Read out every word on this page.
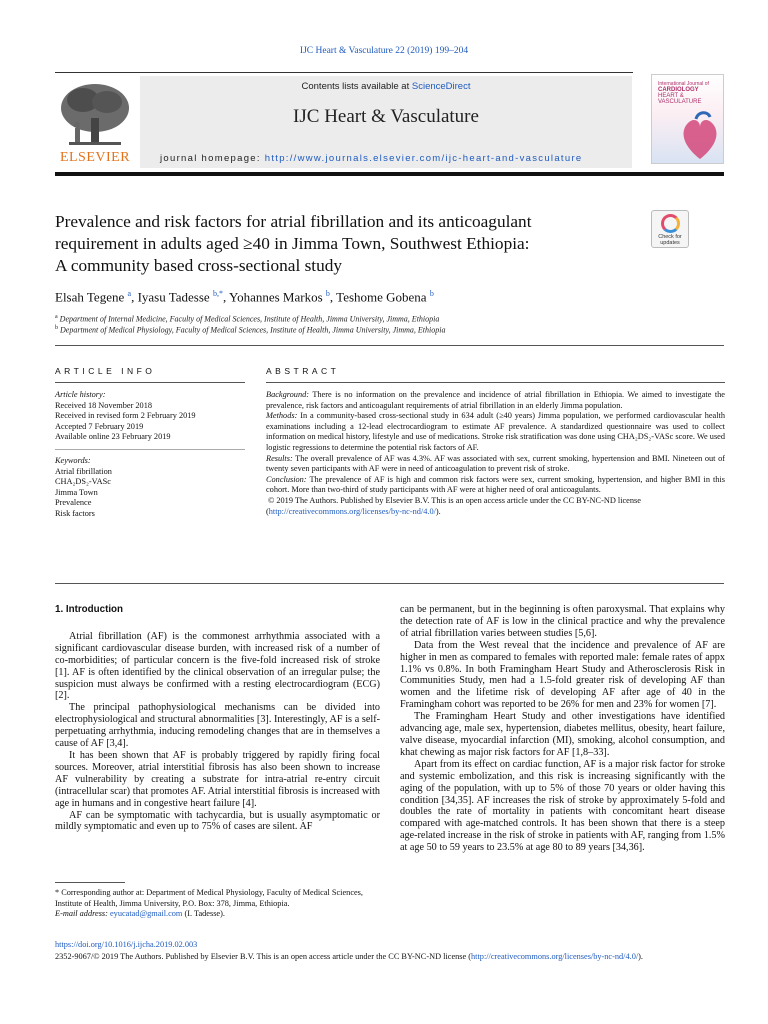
IJC Heart & Vasculature 22 (2019) 199–204
ELSEVIER
Contents lists available at ScienceDirect
IJC Heart & Vasculature
journal homepage: http://www.journals.elsevier.com/ijc-heart-and-vasculature
International Journal of
CARDIOLOGY
HEART &
VASCULATURE
Prevalence and risk factors for atrial fibrillation and its anticoagulant
requirement in adults aged ≥40 in Jimma Town, Southwest Ethiopia:
A community based cross-sectional study
Check for
updates
Elsah Tegene $^a$, Iyasu Tadesse $^{b,*}$, Yohannes Markos $^b$, Teshome Gobena $^b$
$^a$ Department of Internal Medicine, Faculty of Medical Sciences, Institute of Health, Jimma University, Jimma, Ethiopia
$^b$ Department of Medical Physiology, Faculty of Medical Sciences, Institute of Health, Jimma University, Jimma, Ethiopia
ARTICLE INFO
Article history:
Received 18 November 2018
Received in revised form 2 February 2019
Accepted 7 February 2019
Available online 23 February 2019
Keywords:
Atrial fibrillation
CHA₂DS₂-VASc
Jimma Town
Prevalence
Risk factors
ABSTRACT

Background: There is no information on the prevalence and incidence of atrial fibrillation in Ethiopia. We aimed to investigate the prevalence, risk factors and anticoagulant requirements of atrial fibrillation in an elderly Jimma population.

Methods: In a community-based cross-sectional study in 634 adult (≥40 years) Jimma population, we performed cardiovascular health examinations including a 12-lead electrocardiogram to estimate AF prevalence. A standardized questionnaire was used to collect information on medical history, lifestyle and use of medications. Stroke risk stratification was done using CHA₂DS₂-VASc score. We used logistic regressions to determine the potential risk factors of AF.

Results: The overall prevalence of AF was 4.3%. AF was associated with sex, current smoking, hypertension and BMI. Nineteen out of twenty seven participants with AF were in need of anticoagulation to prevent risk of stroke.

Conclusion: The prevalence of AF is high and common risk factors were sex, current smoking, hypertension, and higher BMI in this cohort. More than two-third of study participants with AF were at higher need of oral anticoagulants.

© 2019 The Authors. Published by Elsevier B.V. This is an open access article under the CC BY-NC-ND license (http://creativecommons.org/licenses/by-nc-nd/4.0/).

1. Introduction

Atrial fibrillation (AF) is the commonest arrhythmia associated with a significant cardiovascular disease burden, with increased risk of a number of co-morbidities; of particular concern is the five-fold increased risk of stroke [1]. AF is often identified by the clinical observation of an irregular pulse; the suspicion must always be confirmed with a resting electrocardiogram (ECG) [2].

The principal pathophysiological mechanisms can be divided into electrophysiological and structural abnormalities [3]. Interestingly, AF is a self-perpetuating arrhythmia, inducing remodeling changes that are in themselves a cause of AF [3,4].

It has been shown that AF is probably triggered by rapidly firing focal sources. Moreover, atrial interstitial fibrosis has also been shown to increase AF vulnerability by creating a substrate for intra-atrial re-entry circuit (intracellular scar) that promotes AF. Atrial interstitial fibrosis is increased with age in humans and in congestive heart failure [4].

AF can be symptomatic with tachycardia, but is usually asymptomatic or mildly symptomatic and even up to 75% of cases are silent. AF

can be permanent, but in the beginning is often paroxysmal. That explains why the detection rate of AF is low in the clinical practice and why the prevalence of atrial fibrillation varies between studies [5,6].

Data from the West reveal that the incidence and prevalence of AF are higher in men as compared to females with reported male: female rates of appx 1.1% vs 0.8%. In both Framingham Heart Study and Atherosclerosis Risk in Communities Study, men had a 1.5-fold greater risk of developing AF than women and the lifetime risk of developing AF after age of 40 in the Framingham cohort was reported to be 26% for men and 23% for women [7].

The Framingham Heart Study and other investigations have identified advancing age, male sex, hypertension, diabetes mellitus, obesity, heart failure, valve disease, myocardial infarction (MI), smoking, alcohol consumption, and khat chewing as major risk factors for AF [1,8–33].

Apart from its effect on cardiac function, AF is a major risk factor for stroke and systemic embolization, and this risk is increasing significantly with the aging of the population, with up to 5% of those 70 years or older having this condition [34,35]. AF increases the risk of stroke by approximately 5-fold and doubles the rate of mortality in patients with concomitant heart disease compared with age-matched controls. It has been shown that there is a steep age-related increase in the risk of stroke in patients with AF, ranging from 1.5% at age 50 to 59 years to 23.5% at age 80 to 89 years [34,36].

* Corresponding author at: Department of Medical Physiology, Faculty of Medical Sciences, Institute of Health, Jimma University, P.O. Box: 378, Jimma, Ethiopia.
E-mail address: eyucatad@gmail.com (I. Tadesse).
https://doi.org/10.1016/j.ijcha.2019.02.003
2352-9067/© 2019 The Authors. Published by Elsevier B.V. This is an open access article under the CC BY-NC-ND license (http://creativecommons.org/licenses/by-nc-nd/4.0/).
